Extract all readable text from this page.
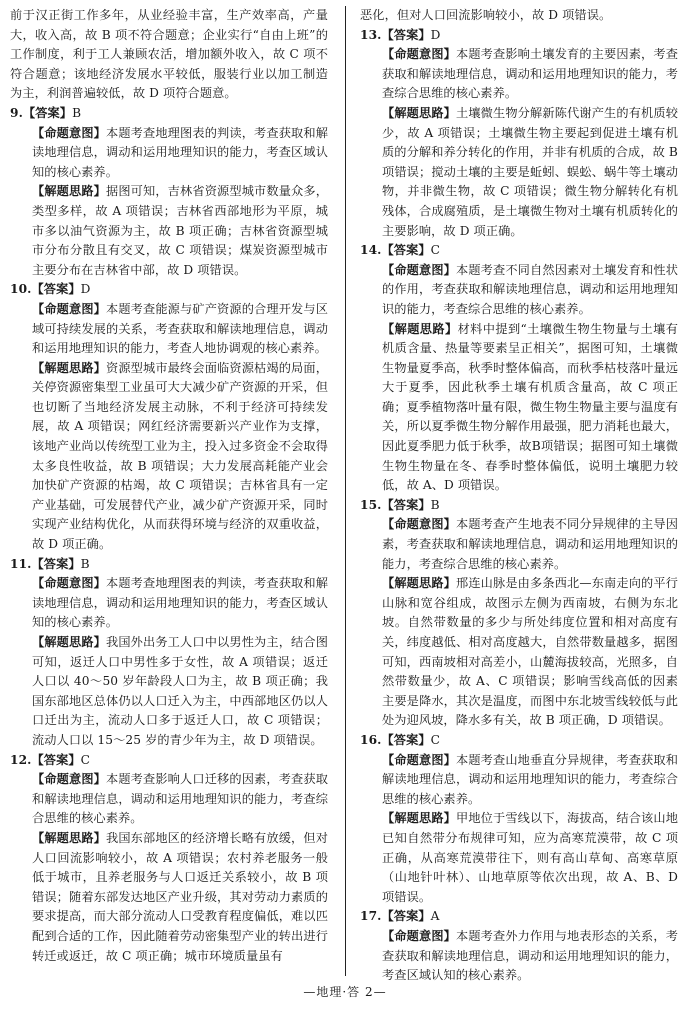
前于汉正街工作多年，从业经验丰富，生产效率高，产量大，收入高，故 B 项不符合题意；企业实行“自由上班”的工作制度，利于工人兼顾农活，增加额外收入，故 C 项不符合题意；该地经济发展水平较低，服装行业以加工制造为主，利润普遍较低，故 D 项符合题意。

9.【答案】B

【命题意图】本题考查地理图表的判读，考查获取和解读地理信息，调动和运用地理知识的能力，考查区域认知的核心素养。

【解题思路】据图可知，吉林省资源型城市数量众多，类型多样，故 A 项错误；吉林省西部地形为平原，城市多以油气资源为主，故 B 项正确；吉林省资源型城市分布分散且有交叉，故 C 项错误；煤炭资源型城市主要分布在吉林省中部，故 D 项错误。

10.【答案】D

【命题意图】本题考查能源与矿产资源的合理开发与区域可持续发展的关系，考查获取和解读地理信息，调动和运用地理知识的能力，考查人地协调观的核心素养。

【解题思路】资源型城市最终会面临资源枯竭的局面，关停资源密集型工业虽可大大减少矿产资源的开采，但也切断了当地经济发展主动脉，不利于经济可持续发展，故 A 项错误；网红经济需要新兴产业作为支撑，该地产业尚以传统型工业为主，投入过多资金不会取得太多良性收益，故 B 项错误；大力发展高耗能产业会加快矿产资源的枯竭，故 C 项错误；吉林省具有一定产业基础，可发展替代产业，减少矿产资源开采，同时实现产业结构优化，从而获得环境与经济的双重收益，故 D 项正确。

11.【答案】B

【命题意图】本题考查地理图表的判读，考查获取和解读地理信息，调动和运用地理知识的能力，考查区域认知的核心素养。

【解题思路】我国外出务工人口中以男性为主，结合图可知，返迁人口中男性多于女性，故 A 项错误；返迁人口以 40～50 岁年龄段人口为主，故 B 项正确；我国东部地区总体仍以人口迁入为主，中西部地区仍以人口迁出为主，流动人口多于返迁人口，故 C 项错误；流动人口以 15～25 岁的青少年为主，故 D 项错误。

12.【答案】C

【命题意图】本题考查影响人口迁移的因素，考查获取和解读地理信息，调动和运用地理知识的能力，考查综合思维的核心素养。

【解题思路】我国东部地区的经济增长略有放缓，但对人口回流影响较小，故 A 项错误；农村养老服务一般低于城市，且养老服务与人口返迁关系较小，故 B 项错误；随着东部发达地区产业升级，其对劳动力素质的要求提高，而大部分流动人口受教育程度偏低，难以匹配到合适的工作，因此随着劳动密集型产业的转出进行转迁或返迁，故 C 项正确；城市环境质量虽有

恶化，但对人口回流影响较小，故 D 项错误。

13.【答案】D

【命题意图】本题考查影响土壤发育的主要因素，考查获取和解读地理信息，调动和运用地理知识的能力，考查综合思维的核心素养。

【解题思路】土壤微生物分解新陈代谢产生的有机质较少，故 A 项错误；土壤微生物主要起到促进土壤有机质的分解和养分转化的作用，并非有机质的合成，故 B 项错误；搅动土壤的主要是蚯蚓、蜈蚣、蜗牛等土壤动物，并非微生物，故 C 项错误；微生物分解转化有机残体，合成腐殖质，是土壤微生物对土壤有机质转化的主要影响，故 D 项正确。

14.【答案】C

【命题意图】本题考查不同自然因素对土壤发育和性状的作用，考查获取和解读地理信息，调动和运用地理知识的能力，考查综合思维的核心素养。

【解题思路】材料中提到“土壤微生物生物量与土壤有机质含量、热量等要素呈正相关”，据图可知，土壤微生物量夏季高，秋季时整体偏高，而秋季枯枝落叶量远大于夏季，因此秋季土壤有机质含量高，故 C 项正确；夏季植物落叶量有限，微生物生物量主要与温度有关，所以夏季微生物分解作用最强，肥力消耗也最大，因此夏季肥力低于秋季，故B项错误；据图可知土壤微生物生物量在冬、春季时整体偏低，说明土壤肥力较低，故 A、D 项错误。

15.【答案】B

【命题意图】本题考查产生地表不同分异规律的主导因素，考查获取和解读地理信息，调动和运用地理知识的能力，考查综合思维的核心素养。

【解题思路】邢连山脉是由多条西北—东南走向的平行山脉和宽谷组成，故图示左侧为西南坡，右侧为东北坡。自然带数量的多少与所处纬度位置和相对高度有关，纬度越低、相对高度越大，自然带数量越多，据图可知，西南坡相对高差小，山麓海拔较高，光照多，自然带数量少，故 A、C 项错误；影响雪线高低的因素主要是降水，其次是温度，而图中东北坡雪线较低与此处为迎风坡，降水多有关，故 B 项正确，D 项错误。

16.【答案】C

【命题意图】本题考查山地垂直分异规律，考查获取和解读地理信息，调动和运用地理知识的能力，考查综合思维的核心素养。

【解题思路】甲地位于雪线以下，海拔高，结合该山地已知自然带分布规律可知，应为高寒荒漠带，故 C 项正确，从高寒荒漠带往下，则有高山草甸、高寒草原（山地针叶林）、山地草原等依次出现，故 A、B、D 项错误。

17.【答案】A

【命题意图】本题考查外力作用与地表形态的关系，考查获取和解读地理信息，调动和运用地理知识的能力，考查区域认知的核心素养。

—地理·答 2—
